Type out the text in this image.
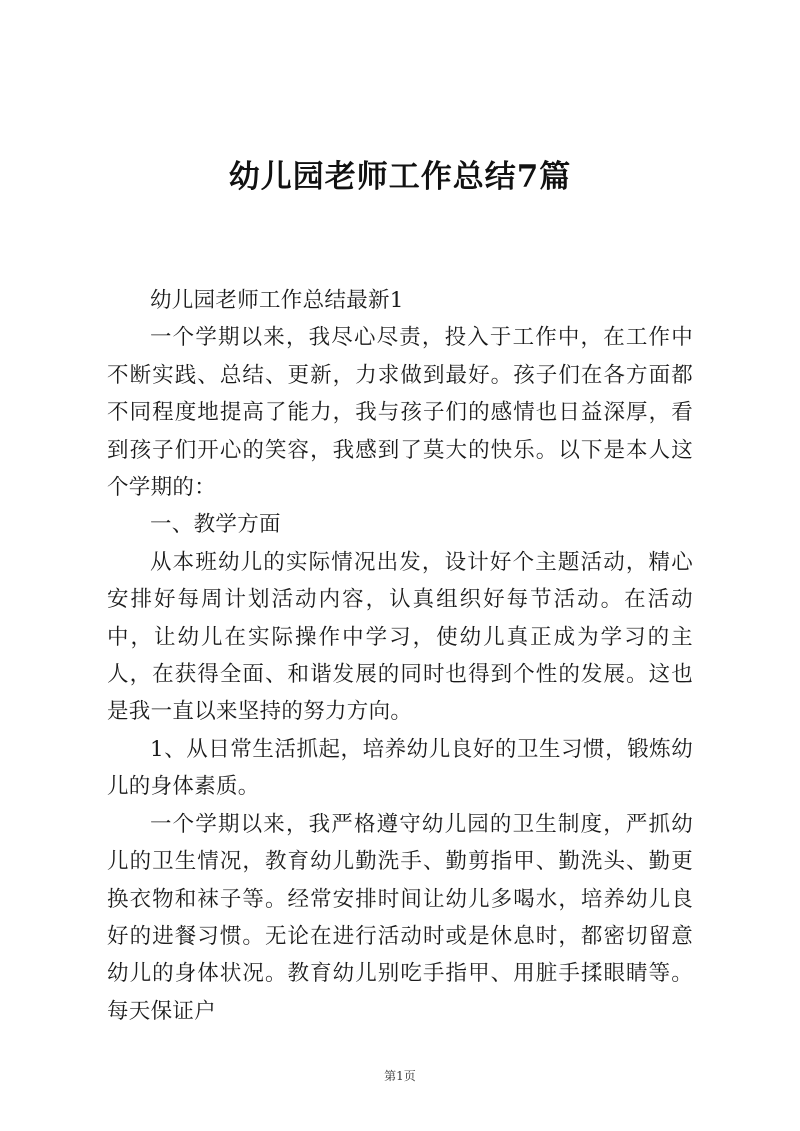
幼儿园老师工作总结7篇

幼儿园老师工作总结最新1

一个学期以来，我尽心尽责，投入于工作中，在工作中不断实践、总结、更新，力求做到最好。孩子们在各方面都不同程度地提高了能力，我与孩子们的感情也日益深厚，看到孩子们开心的笑容，我感到了莫大的快乐。以下是本人这个学期的：

一、教学方面

从本班幼儿的实际情况出发，设计好个主题活动，精心安排好每周计划活动内容，认真组织好每节活动。在活动中，让幼儿在实际操作中学习，使幼儿真正成为学习的主人，在获得全面、和谐发展的同时也得到个性的发展。这也是我一直以来坚持的努力方向。

1、从日常生活抓起，培养幼儿良好的卫生习惯，锻炼幼儿的身体素质。

一个学期以来，我严格遵守幼儿园的卫生制度，严抓幼儿的卫生情况，教育幼儿勤洗手、勤剪指甲、勤洗头、勤更换衣物和袜子等。经常安排时间让幼儿多喝水，培养幼儿良好的进餐习惯。无论在进行活动时或是休息时，都密切留意幼儿的身体状况。教育幼儿别吃手指甲、用脏手揉眼睛等。每天保证户

第1页
